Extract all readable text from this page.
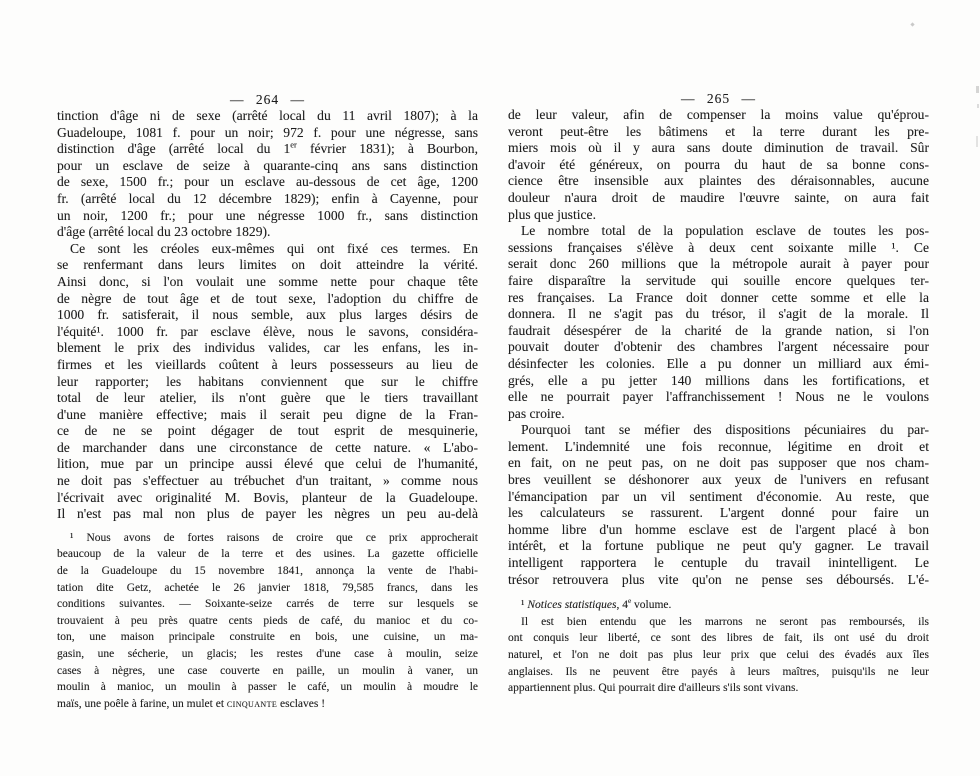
— 264 —
tinction d'âge ni de sexe (arrêté local du 11 avril 1807); à la
Guadeloupe, 1081 f. pour un noir; 972 f. pour une négresse, sans
distinction d'âge (arrêté local du 1er février 1831); à Bourbon,
pour un esclave de seize à quarante-cinq ans sans distinction
de sexe, 1500 fr.; pour un esclave au-dessous de cet âge, 1200
fr. (arrêté local du 12 décembre 1829); enfin à Cayenne, pour
un noir, 1200 fr.; pour une négresse 1000 fr., sans distinction
d'âge (arrêté local du 23 octobre 1829).
Ce sont les créoles eux-mêmes qui ont fixé ces termes. En
se renfermant dans leurs limites on doit atteindre la vérité.
Ainsi donc, si l'on voulait une somme nette pour chaque tête
de nègre de tout âge et de tout sexe, l'adoption du chiffre de
1000 fr. satisferait, il nous semble, aux plus larges désirs de
l'équité¹. 1000 fr. par esclave élève, nous le savons, considéra-
blement le prix des individus valides, car les enfans, les in-
firmes et les vieillards coûtent à leurs possesseurs au lieu de
leur rapporter; les habitans conviennent que sur le chiffre
total de leur atelier, ils n'ont guère que le tiers travaillant
d'une manière effective; mais il serait peu digne de la Fran-
ce de ne se point dégager de tout esprit de mesquinerie,
de marchander dans une circonstance de cette nature. « L'abo-
lition, mue par un principe aussi élevé que celui de l'humanité,
ne doit pas s'effectuer au trébuchet d'un traitant, » comme nous
l'écrivait avec originalité M. Bovis, planteur de la Guadeloupe.
Il n'est pas mal non plus de payer les nègres un peu au-delà
¹ Nous avons de fortes raisons de croire que ce prix approcherait
beaucoup de la valeur de la terre et des usines. La gazette officielle
de la Guadeloupe du 15 novembre 1841, annonça la vente de l'habi-
tation dite Getz, achetée le 26 janvier 1818, 79,585 francs, dans les
conditions suivantes. — Soixante-seize carrés de terre sur lesquels se
trouvaient à peu près quatre cents pieds de café, du manioc et du co-
ton, une maison principale construite en bois, une cuisine, un ma-
gasin, une sécherie, un glacis; les restes d'une case à moulin, seize
cases à nègres, une case couverte en paille, un moulin à vaner, un
moulin à manioc, un moulin à passer le café, un moulin à moudre le
maïs, une poêle à farine, un mulet et cinquante esclaves !
— 265 —
de leur valeur, afin de compenser la moins value qu'éprou-
veront peut-être les bâtimens et la terre durant les pre-
miers mois où il y aura sans doute diminution de travail. Sûr
d'avoir été généreux, on pourra du haut de sa bonne cons-
cience être insensible aux plaintes des déraisonnables, aucune
douleur n'aura droit de maudire l'œuvre sainte, on aura fait
plus que justice.
Le nombre total de la population esclave de toutes les pos-
sessions françaises s'élève à deux cent soixante mille ¹. Ce
serait donc 260 millions que la métropole aurait à payer pour
faire disparaître la servitude qui souille encore quelques ter-
res françaises. La France doit donner cette somme et elle la
donnera. Il ne s'agit pas du trésor, il s'agit de la morale. Il
faudrait désespérer de la charité de la grande nation, si l'on
pouvait douter d'obtenir des chambres l'argent nécessaire pour
désinfecter les colonies. Elle a pu donner un milliard aux émi-
grés, elle a pu jetter 140 millions dans les fortifications, et
elle ne pourrait payer l'affranchissement ! Nous ne le voulons
pas croire.
Pourquoi tant se méfier des dispositions pécuniaires du par-
lement. L'indemnité une fois reconnue, légitime en droit et
en fait, on ne peut pas, on ne doit pas supposer que nos cham-
bres veuillent se déshonorer aux yeux de l'univers en refusant
l'émancipation par un vil sentiment d'économie. Au reste, que
les calculateurs se rassurent. L'argent donné pour faire un
homme libre d'un homme esclave est de l'argent placé à bon
intérêt, et la fortune publique ne peut qu'y gagner. Le travail
intelligent rapportera le centuple du travail inintelligent. Le
trésor retrouvera plus vite qu'on ne pense ses déboursés. L'é-
¹ Notices statistiques, 4e volume.
Il est bien entendu que les marrons ne seront pas remboursés, ils
ont conquis leur liberté, ce sont des libres de fait, ils ont usé du droit
naturel, et l'on ne doit pas plus leur prix que celui des évadés aux îles
anglaises. Ils ne peuvent être payés à leurs maîtres, puisqu'ils ne leur
appartiennent plus. Qui pourrait dire d'ailleurs s'ils sont vivans.
